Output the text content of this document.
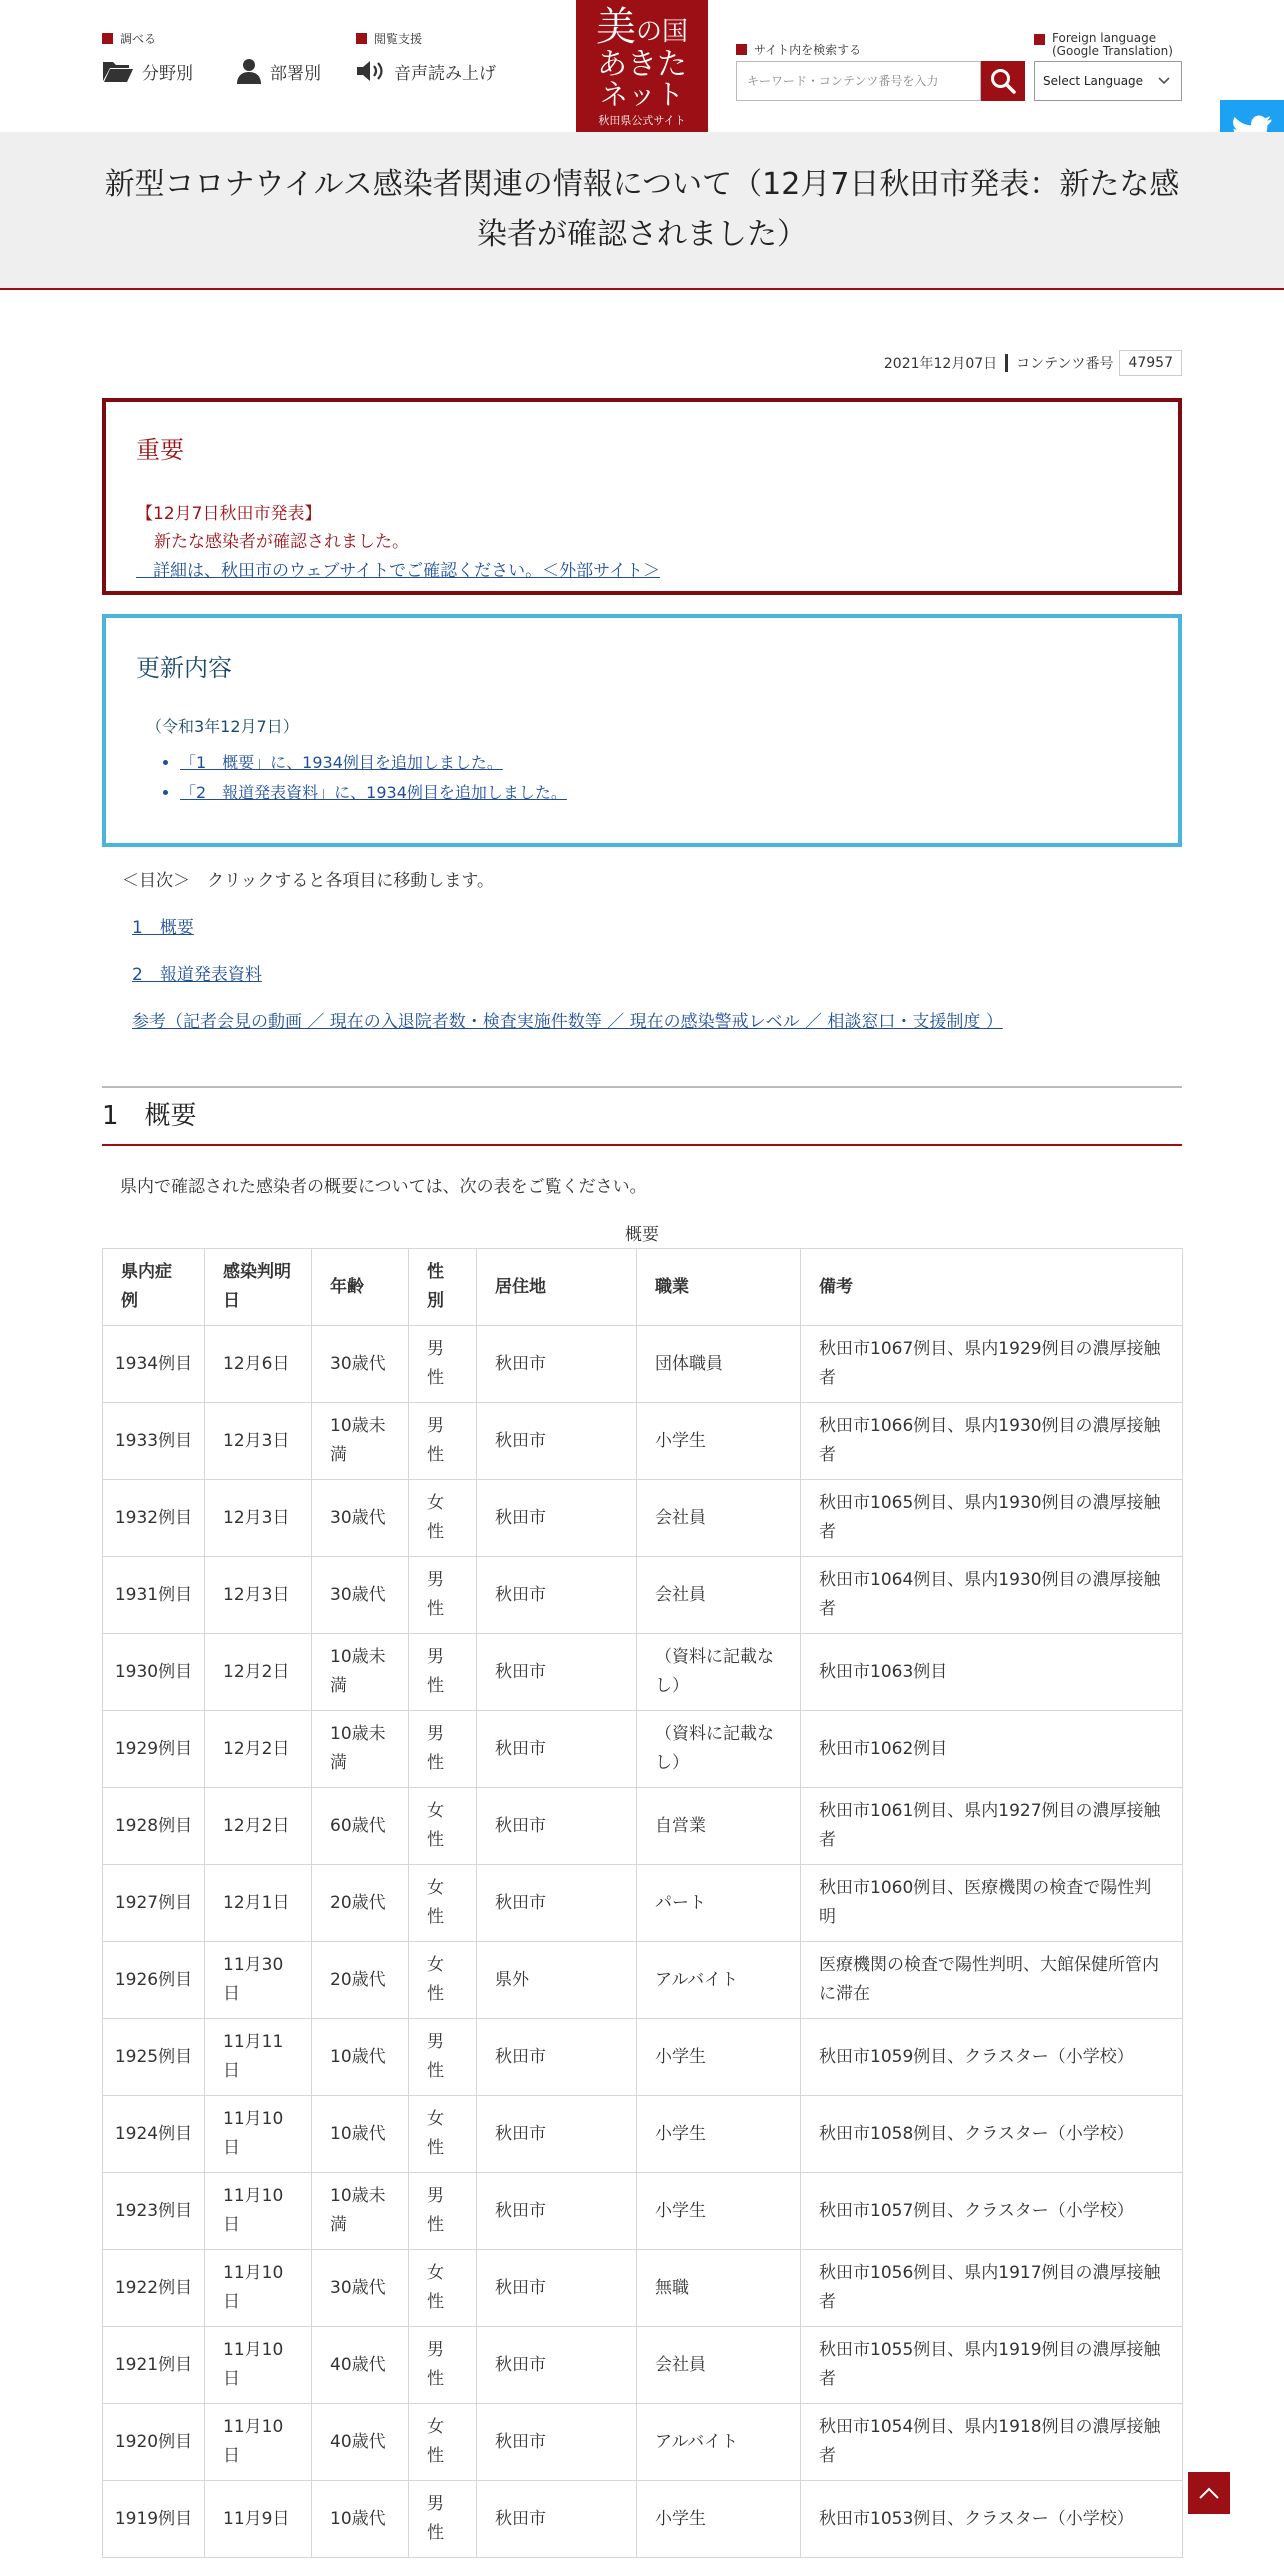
調べる
分野別	部署別
閲覧支援
音声読み上げ
美の国
あきた
ネット
秋田県公式サイト
サイト内を検索する
キーワード・コンテンツ番号を入力
Foreign language
(Google Translation)
Select Language
新型コロナウイルス感染者関連の情報について（12月7日秋田市発表：新たな感染者が確認されました）
2021年12月07日 コンテンツ番号	47957
重要
【12月7日秋田市発表】
新たな感染者が確認されました。
　詳細は、秋田市のウェブサイトでご確認ください。＜外部サイト＞
更新内容
（令和3年12月7日）
• 「1　概要」に、1934例目を追加しました。
• 「2　報道発表資料」に、1934例目を追加しました。
＜目次＞　クリックすると各項目に移動します。
1　概要
2　報道発表資料
参考（記者会見の動画 ／ 現在の入退院者数・検査実施件数等 ／ 現在の感染警戒レベル ／ 相談窓口・支援制度 ）
1　概要
県内で確認された感染者の概要については、次の表をご覧ください。
概要
県内症例	感染判明日	年齢	性別	居住地	職業	備考
1934例目	12月6日	30歳代	男性	秋田市	団体職員	秋田市1067例目、県内1929例目の濃厚接触者
1933例目	12月3日	10歳未満	男性	秋田市	小学生	秋田市1066例目、県内1930例目の濃厚接触者
1932例目	12月3日	30歳代	女性	秋田市	会社員	秋田市1065例目、県内1930例目の濃厚接触者
1931例目	12月3日	30歳代	男性	秋田市	会社員	秋田市1064例目、県内1930例目の濃厚接触者
1930例目	12月2日	10歳未満	男性	秋田市	（資料に記載なし）	秋田市1063例目
1929例目	12月2日	10歳未満	男性	秋田市	（資料に記載なし）	秋田市1062例目
1928例目	12月2日	60歳代	女性	秋田市	自営業	秋田市1061例目、県内1927例目の濃厚接触者
1927例目	12月1日	20歳代	女性	秋田市	パート	秋田市1060例目、医療機関の検査で陽性判明
1926例目	11月30日	20歳代	女性	県外	アルバイト	医療機関の検査で陽性判明、大館保健所管内に滞在
1925例目	11月11日	10歳代	男性	秋田市	小学生	秋田市1059例目、クラスター（小学校）
1924例目	11月10日	10歳代	女性	秋田市	小学生	秋田市1058例目、クラスター（小学校）
1923例目	11月10日	10歳未満	男性	秋田市	小学生	秋田市1057例目、クラスター（小学校）
1922例目	11月10日	30歳代	女性	秋田市	無職	秋田市1056例目、県内1917例目の濃厚接触者
1921例目	11月10日	40歳代	男性	秋田市	会社員	秋田市1055例目、県内1919例目の濃厚接触者
1920例目	11月10日	40歳代	女性	秋田市	アルバイト	秋田市1054例目、県内1918例目の濃厚接触者
1919例目	11月9日	10歳代	男性	秋田市	小学生	秋田市1053例目、クラスター（小学校）
